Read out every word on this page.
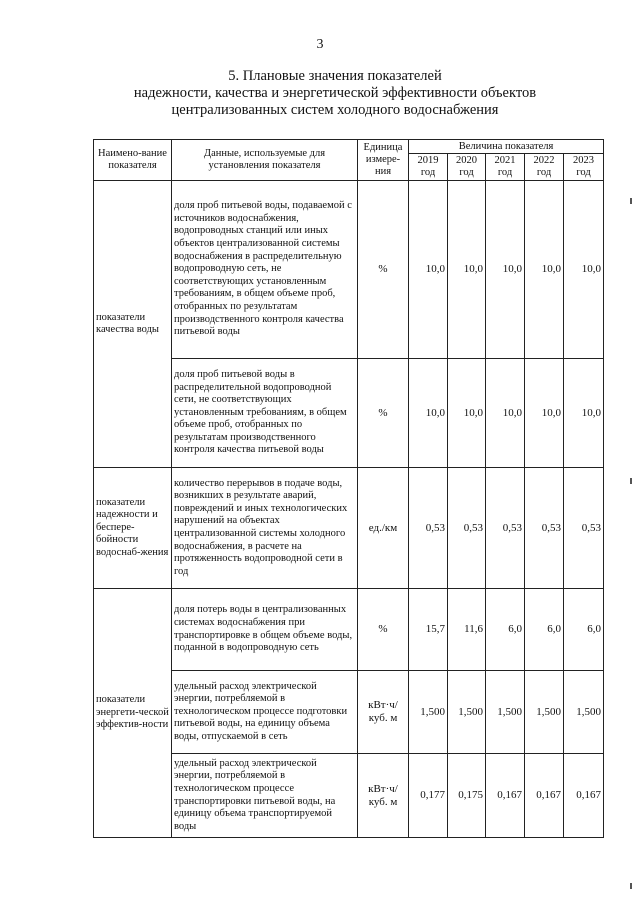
3
5. Плановые значения показателей
надежности, качества и энергетической эффективности объектов
централизованных систем холодного водоснабжения
Наимено-вание показателя	Данные, используемые для установления показателя	Единица измере-ния	Величина показателя				
			2019 год	2020 год	2021 год	2022 год	2023 год
показатели качества воды	доля проб питьевой воды, подаваемой с источников водоснабжения, водопроводных станций или иных объектов централизованной системы водоснабжения в распределительную водопроводную сеть, не соответствующих установленным требованиям, в общем объеме проб, отобранных по результатам производственного контроля качества питьевой воды	%	10,0	10,0	10,0	10,0	10,0
	доля проб питьевой воды в распределительной водопроводной сети, не соответствующих установленным требованиям, в общем объеме проб, отобранных по результатам производственного контроля качества питьевой воды	%	10,0	10,0	10,0	10,0	10,0
показатели надежности и беспере-бойности водоснаб-жения	количество перерывов в подаче воды, возникших в результате аварий, повреждений и иных технологических нарушений на объектах централизованной системы холодного водоснабжения, в расчете на протяженность водопроводной сети в год	ед./км	0,53	0,53	0,53	0,53	0,53
показатели энергети-ческой эффектив-ности	доля потерь воды в централизованных системах водоснабжения при транспортировке в общем объеме воды, поданной в водопроводную сеть	%	15,7	11,6	6,0	6,0	6,0
	удельный расход электрической энергии, потребляемой в технологическом процессе подготовки питьевой воды, на единицу объема воды, отпускаемой в сеть	кВт·ч/ куб. м	1,500	1,500	1,500	1,500	1,500
	удельный расход электрической энергии, потребляемой в технологическом процессе транспортировки питьевой воды, на единицу объема транспортируемой воды	кВт·ч/ куб. м	0,177	0,175	0,167	0,167	0,167
